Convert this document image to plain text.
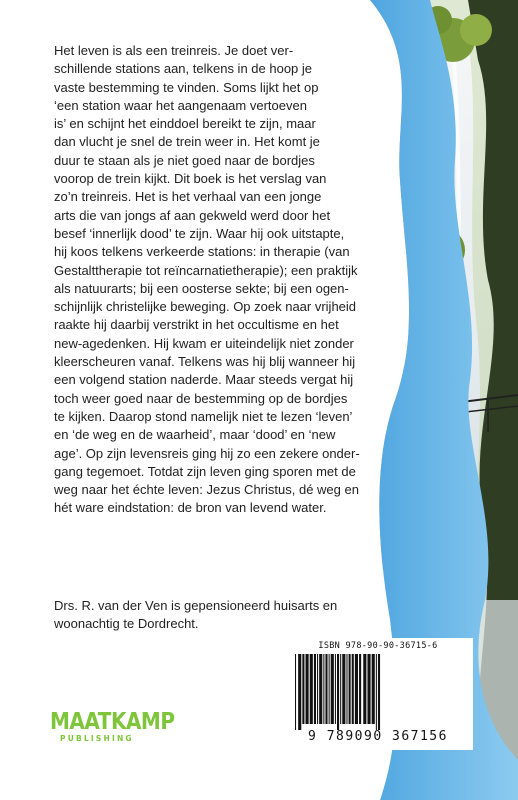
Het leven is als een treinreis. Je doet ver-
schillende stations aan, telkens in de hoop je
vaste bestemming te vinden. Soms lijkt het op
‘een station waar het aangenaam vertoeven
is’ en schijnt het einddoel bereikt te zijn, maar
dan vlucht je snel de trein weer in. Het komt je
duur te staan als je niet goed naar de bordjes
voorop de trein kijkt. Dit boek is het verslag van
zo’n treinreis. Het is het verhaal van een jonge
arts die van jongs af aan gekweld werd door het
besef ‘innerlijk dood’ te zijn. Waar hij ook uitstapte,
hij koos telkens verkeerde stations: in therapie (van
Gestalttherapie tot reïncarnatietherapie); een praktijk
als natuurarts; bij een oosterse sekte; bij een ogen-
schijnlijk christelijke beweging. Op zoek naar vrijheid
raakte hij daarbij verstrikt in het occultisme en het
new-agedenken. Hij kwam er uiteindelijk niet zonder
kleerscheuren vanaf. Telkens was hij blij wanneer hij
een volgend station naderde. Maar steeds vergat hij
toch weer goed naar de bestemming op de bordjes
te kijken. Daarop stond namelijk niet te lezen ‘leven’
en ‘de weg en de waarheid’, maar ‘dood’ en ‘new
age’. Op zijn levensreis ging hij zo een zekere onder-
gang tegemoet. Totdat zijn leven ging sporen met de
weg naar het échte leven: Jezus Christus, dé weg en
hét ware eindstation: de bron van levend water.

Drs. R. van der Ven is gepensioneerd huisarts en
woonachtig te Dordrecht.
ISBN 978-90-90-36715-6
9 789090 367156
MAATKAMP
PUBLISHING
